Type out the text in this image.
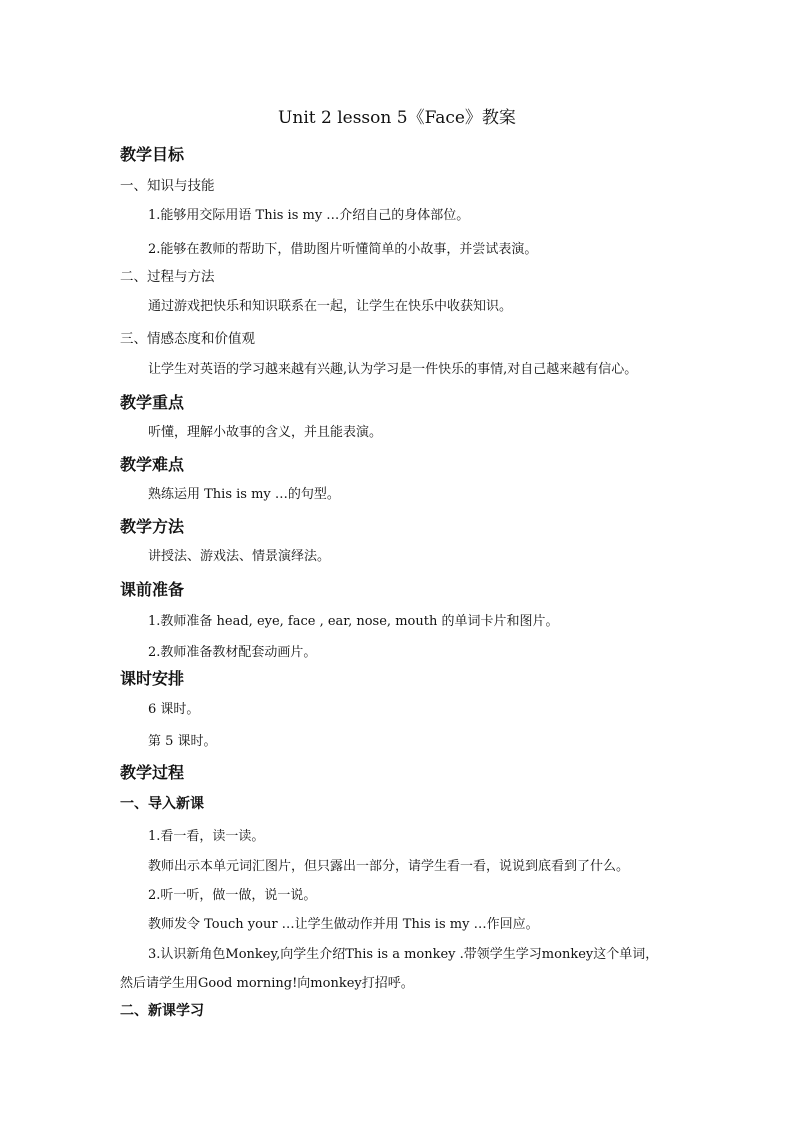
Unit 2 lesson 5《Face》教案
教学目标
一、知识与技能
1.能够用交际用语 This is my …介绍自己的身体部位。
2.能够在教师的帮助下，借助图片听懂简单的小故事，并尝试表演。
二、过程与方法
通过游戏把快乐和知识联系在一起，让学生在快乐中收获知识。
三、情感态度和价值观
让学生对英语的学习越来越有兴趣,认为学习是一件快乐的事情,对自己越来越有信心。
教学重点
听懂，理解小故事的含义，并且能表演。
教学难点
熟练运用 This is my …的句型。
教学方法
讲授法、游戏法、情景演绎法。
课前准备
1.教师准备 head, eye, face , ear, nose, mouth 的单词卡片和图片。
2.教师准备教材配套动画片。
课时安排
6 课时。
第 5 课时。
教学过程
一、导入新课
1.看一看，读一读。
教师出示本单元词汇图片，但只露出一部分，请学生看一看，说说到底看到了什么。
2.听一听，做一做，说一说。
教师发令 Touch your …让学生做动作并用 This is my …作回应。
3.认识新角色Monkey,向学生介绍This is a monkey .带领学生学习monkey这个单词，
然后请学生用Good morning!向monkey打招呼。
二、新课学习
